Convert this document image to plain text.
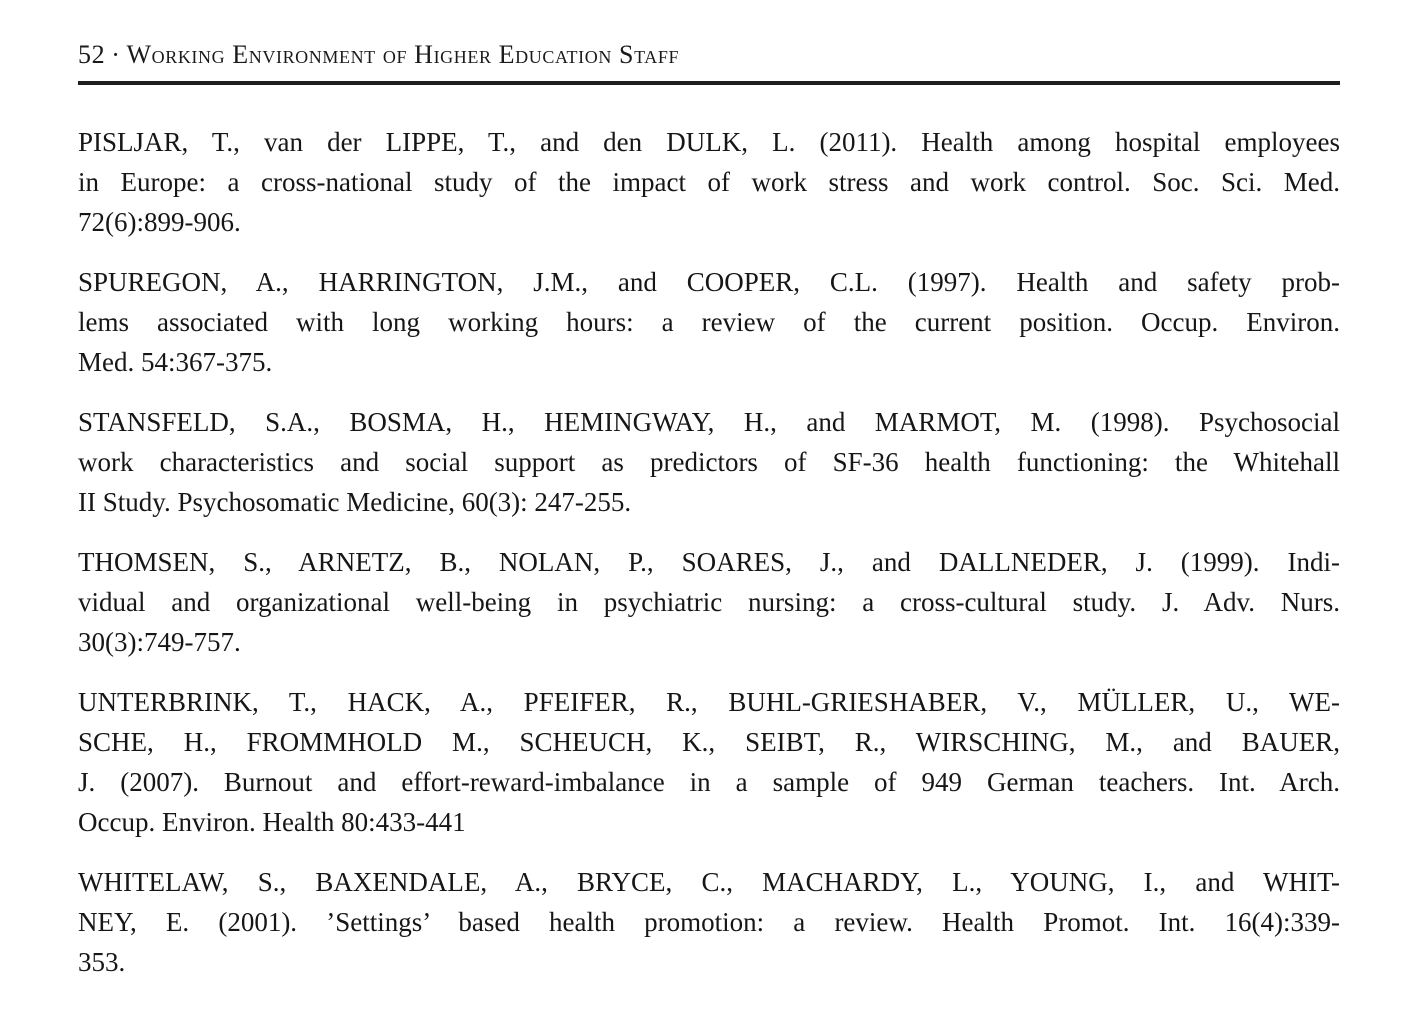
52 · Working Environment of Higher Education Staff

PISLJAR, T., van der LIPPE, T., and den DULK, L. (2011). Health among hospital employees
in Europe: a cross-national study of the impact of work stress and work control. Soc. Sci. Med.
72(6):899-906.

SPUREGON, A., HARRINGTON, J.M., and COOPER, C.L. (1997). Health and safety prob-
lems associated with long working hours: a review of the current position. Occup. Environ.
Med. 54:367-375.

STANSFELD, S.A., BOSMA, H., HEMINGWAY, H., and MARMOT, M. (1998). Psychosocial
work characteristics and social support as predictors of SF-36 health functioning: the Whitehall
II Study. Psychosomatic Medicine, 60(3): 247-255.

THOMSEN, S., ARNETZ, B., NOLAN, P., SOARES, J., and DALLNEDER, J. (1999). Indi-
vidual and organizational well-being in psychiatric nursing: a cross-cultural study. J. Adv. Nurs.
30(3):749-757.

UNTERBRINK, T., HACK, A., PFEIFER, R., BUHL-GRIESHABER, V., MÜLLER, U., WE-
SCHE, H., FROMMHOLD M., SCHEUCH, K., SEIBT, R., WIRSCHING, M., and BAUER,
J. (2007). Burnout and effort-reward-imbalance in a sample of 949 German teachers. Int. Arch.
Occup. Environ. Health 80:433-441

WHITELAW, S., BAXENDALE, A., BRYCE, C., MACHARDY, L., YOUNG, I., and WHIT-
NEY, E. (2001). ’Settings’ based health promotion: a review. Health Promot. Int. 16(4):339-
353.
